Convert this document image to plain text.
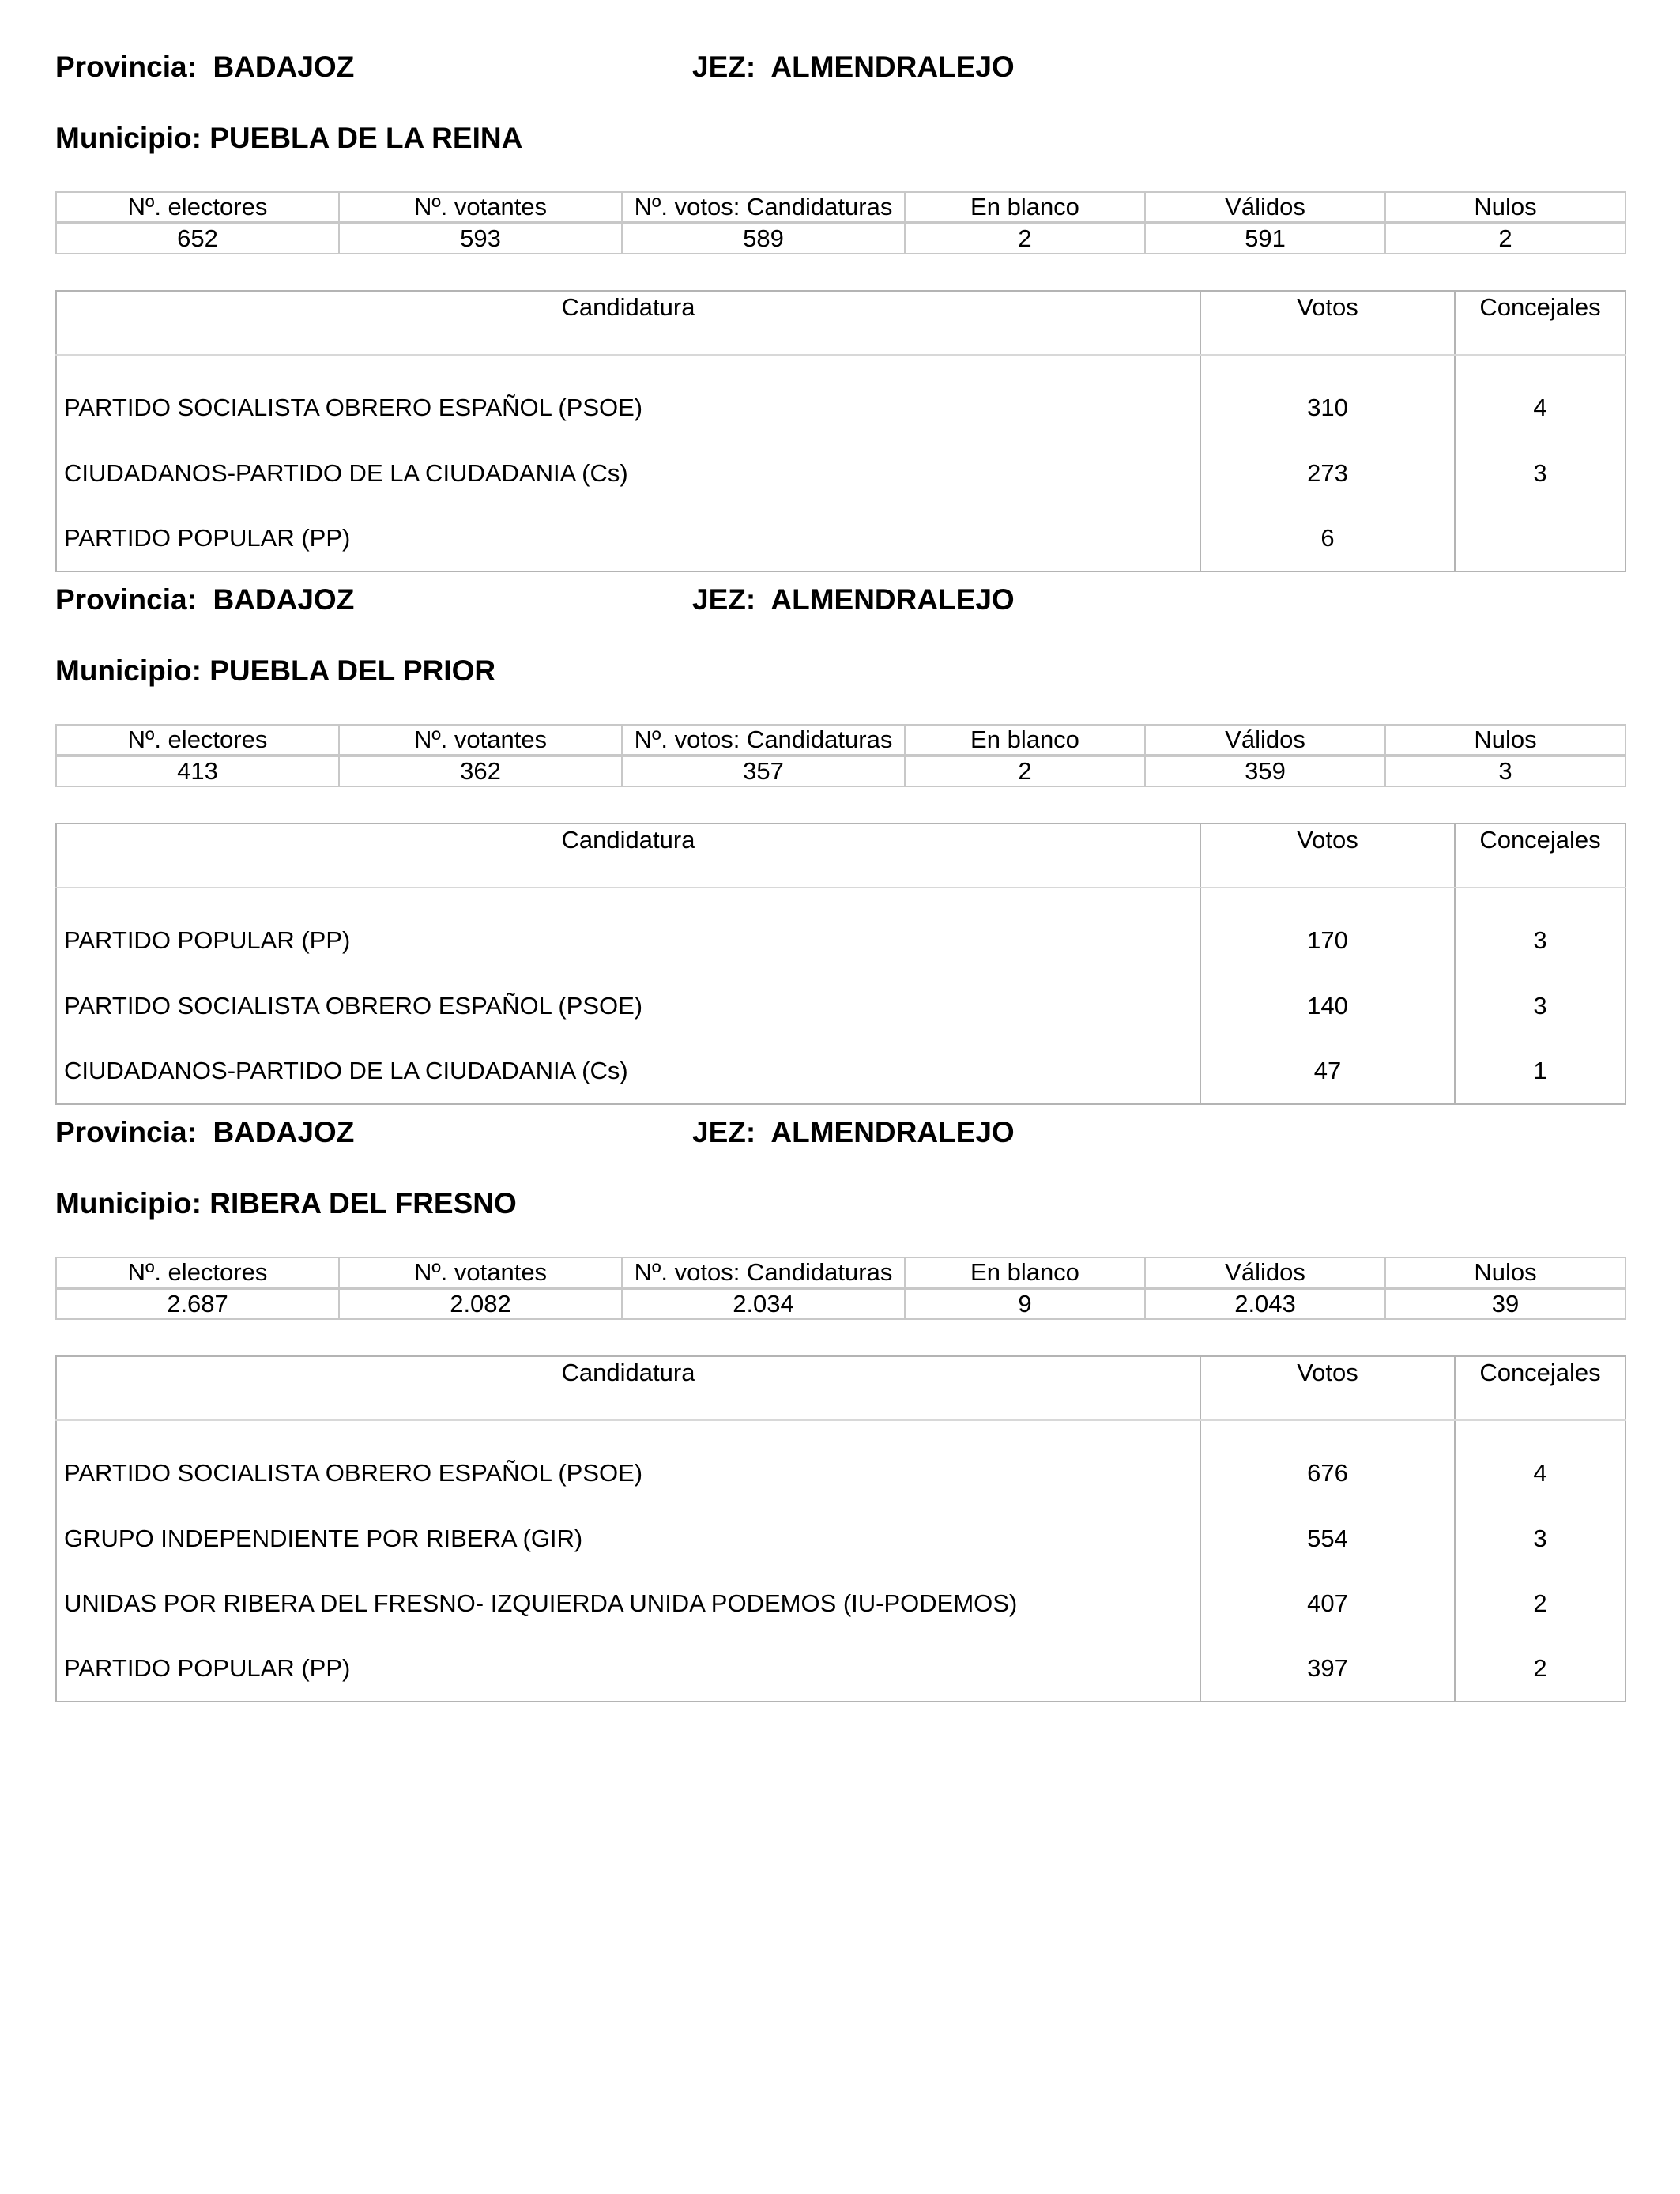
Provincia: BADAJOZ	JEZ: ALMENDRALEJO
Municipio: PUEBLA DE LA REINA
Nº. electores	Nº. votantes	Nº. votos: Candidaturas	En blanco	Válidos	Nulos
652	593	589	2	591	2
Candidatura	Votos	Concejales
PARTIDO SOCIALISTA OBRERO ESPAÑOL (PSOE)	310	4
CIUDADANOS-PARTIDO DE LA CIUDADANIA (Cs)	273	3
PARTIDO POPULAR (PP)	6	
Provincia: BADAJOZ	JEZ: ALMENDRALEJO
Municipio: PUEBLA DEL PRIOR
Nº. electores	Nº. votantes	Nº. votos: Candidaturas	En blanco	Válidos	Nulos
413	362	357	2	359	3
Candidatura	Votos	Concejales
PARTIDO POPULAR (PP)	170	3
PARTIDO SOCIALISTA OBRERO ESPAÑOL (PSOE)	140	3
CIUDADANOS-PARTIDO DE LA CIUDADANIA (Cs)	47	1
Provincia: BADAJOZ	JEZ: ALMENDRALEJO
Municipio: RIBERA DEL FRESNO
Nº. electores	Nº. votantes	Nº. votos: Candidaturas	En blanco	Válidos	Nulos
2.687	2.082	2.034	9	2.043	39
Candidatura	Votos	Concejales
PARTIDO SOCIALISTA OBRERO ESPAÑOL (PSOE)	676	4
GRUPO INDEPENDIENTE POR RIBERA (GIR)	554	3
UNIDAS POR RIBERA DEL FRESNO- IZQUIERDA UNIDA PODEMOS (IU-PODEMOS)	407	2
PARTIDO POPULAR (PP)	397	2
